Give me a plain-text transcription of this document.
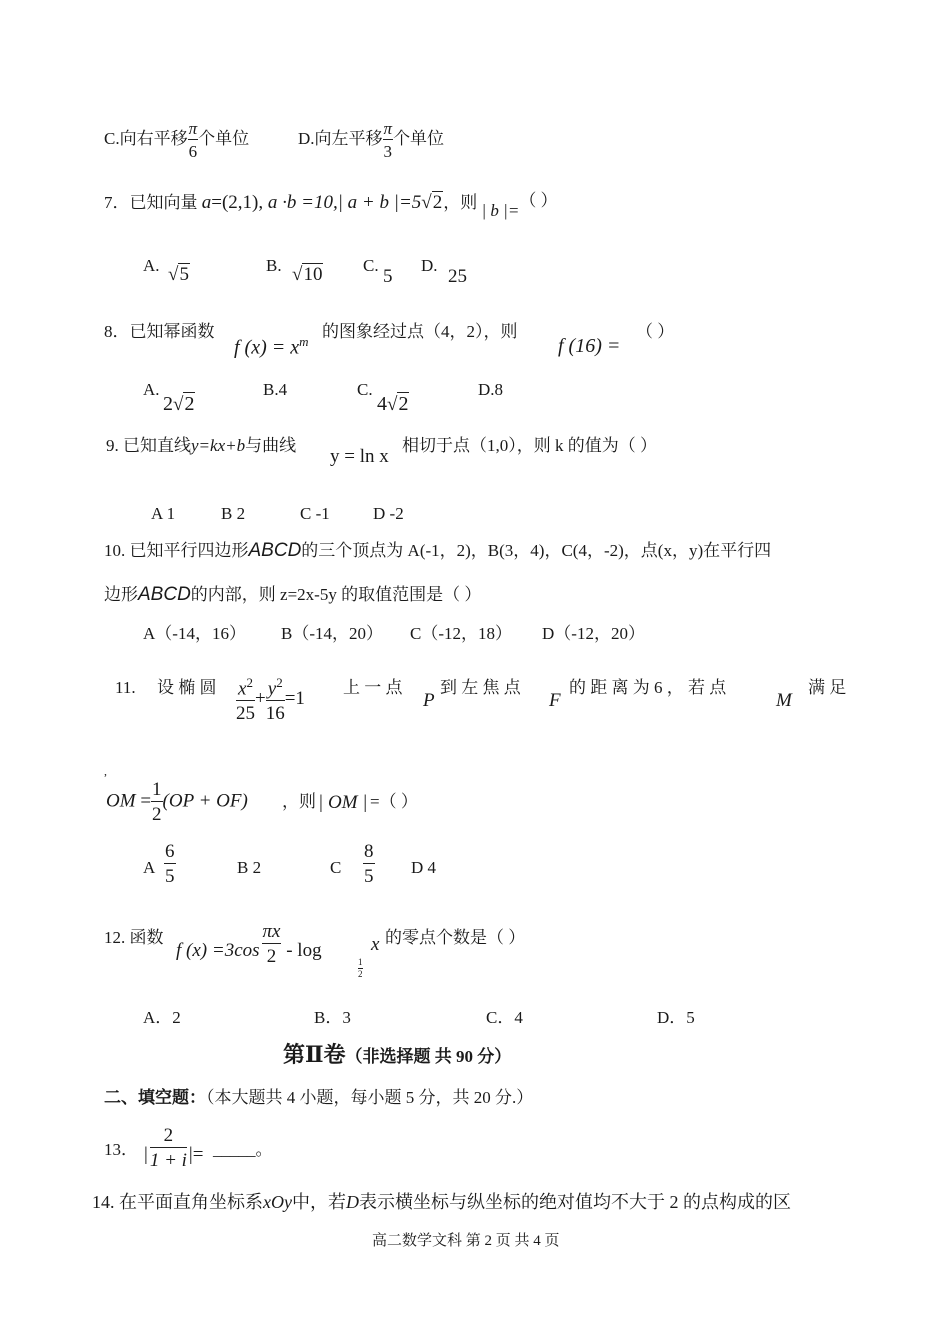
C.向右平移 $\frac{\pi}{6}$ 个单位	D.向左平移 $\frac{\pi}{3}$ 个单位
7．已知向量 a=(2,1), a ·b =10,| a + b |=5√2，则 | b |=（ ）
A. √5	B. √10 C.
5
D.
25
8．已知幂函数
f $(x) = x^m$
的图象经过点（4，2），则
f (16) =
（ ）
A.
2√2
B.4	C.
4√2
D.8
9. 已知直线y=kx+b与曲线
y = ln x
相切于点（1,0），则 k 的值为（ ）
A 1	B 2	C -1	D -2
10. 已知平行四边形ABCD的三个顶点为 A(-1，2)，B(3，4)，C(4，-2)，点(x，y)在平行四
边形ABCD的内部，则 z=2x-5y 的取值范围是（ ）
A（-14，16） B（-14，20） C（-12，18） D（-12，20）
11. 设 椭 圆 $\frac{x^2}{25} + \frac{y^2}{16} =1$
上 一 点
P
到 左 焦 点
F
的 距 离 为 6 ， 若 点
M
满 足
,
OM = $\frac{1}{2} (OP + OF)$ ，则 | OM | =（ ）
A $\frac{6}{5}$	B 2	C $\frac{8}{5}$ D 4
12. 函数
f $(x) =3\cos \frac{\pi x}{2} - \log$
$\frac{1}{2}$
x 的零点个数是（ ）
A．2	B．3	C．4	D．5
第Ⅱ卷（非选择题 共 90 分）
二、填空题：（本大题共 4 小题，每小题 5 分，共 20 分.）
13． | $\frac{2}{1 + i}$ |= _____。
14. 在平面直角坐标系xOy中，若D表示横坐标与纵坐标的绝对值均不大于 2 的点构成的区
高二数学文科 第 2 页 共 4 页
